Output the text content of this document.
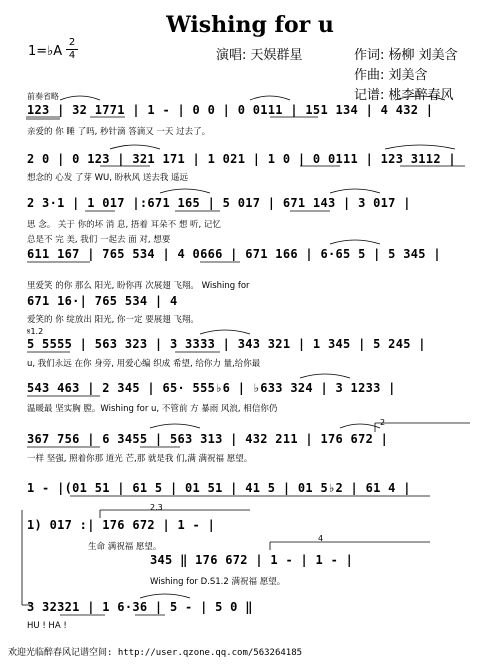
Wishing for u
1=♭A
2
4	演唱: 天娱群星	作词: 杨柳 刘美含
作曲: 刘美含
记谱: 桃李醉春风
前奏省略
123 | 32 1771 | 1 - | 0 0 | 0 0111 | 151 134 | 4 432 |
亲爱的 你 睡 了吗, 秒针滴 答滴又 一天 过去了。
2 0 | 0 123 | 321 171 | 1 021 | 1 0 | 0 0111 | 123 3112 |
想念的 心发 了芽 WU, 盼秋风 送去我 遥远
2 3·1 | 1 017 |:671 165 | 5 017 | 671 143 | 3 017 |
思 念。 关于 你的坏 消 息, 捂着 耳朵不 想 听, 记忆
611 167 | 765 534 | 4 0666 | 671 166 | 6·65 5 | 5 345 |
总是不 完 美, 我们 一起去 面 对, 想要
里爱笑 的你 那么 阳光, 盼你再 次展翅 飞翔。 Wishing for
671 16·| 765 534 | 4
爱笑的 你 绽放出 阳光, 你一定 要展翅 飞翔。
𝄋1.2
5 5555 | 563 323 | 3 3333 | 343 321 | 1 345 | 5 245 |
u, 我们永远 在你 身旁, 用爱心编 织成 希望, 给你力 量,给你最
543 463 | 2 345 | 65· 555♭6 | ♭633 324 | 3 1233 |
温暖最 坚实胸 膛。Wishing for u, 不管前 方 暴雨 风浪, 相信你仍
367 756 | 6 3455 | 563 313 | 432 211 | 176 672 |
一样 坚强, 照着你那 道光 芒,那 就是我 们,满 满祝福 愿望。
1 - |(01 51 | 61 5 | 01 51 | 41 5 | 01 5♭2 | 61 4 |
2.3
1) 017 :| 176 672 | 1 - |
生命 满祝福 愿望。
4
345 ‖ 176 672 | 1 - | 1 - |
Wishing for D.S1.2 满祝福 愿望。
3 32321 | 1 6·36 | 5 - | 5 0 ‖
HU ! HA !
2
欢迎光临醉春风记谱空间: http://user.qzone.qq.com/563264185
